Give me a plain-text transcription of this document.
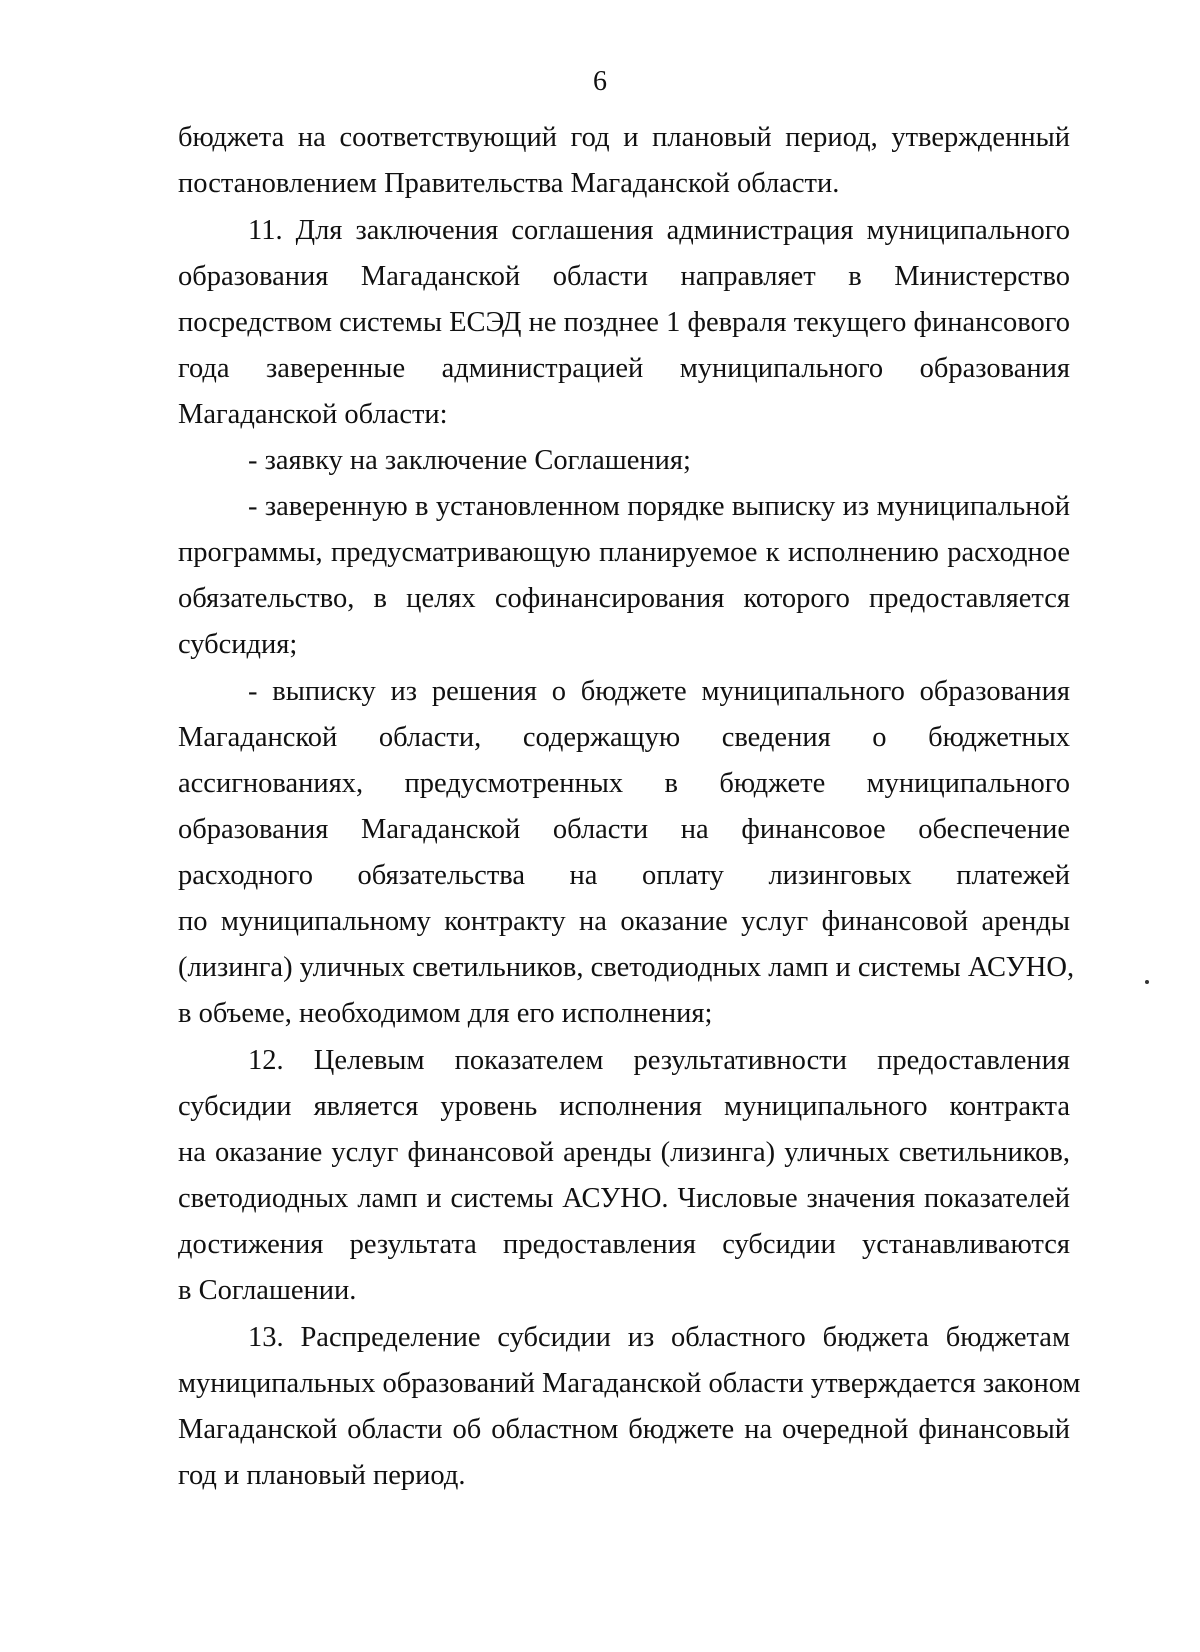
6
бюджета на соответствующий год и плановый период, утвержденный
постановлением Правительства Магаданской области.
11. Для заключения соглашения администрация муниципального
образования Магаданской области направляет в Министерство
посредством системы ЕСЭД не позднее 1 февраля текущего финансового
года заверенные администрацией муниципального образования
Магаданской области:
- заявку на заключение Соглашения;
- заверенную в установленном порядке выписку из муниципальной
программы, предусматривающую планируемое к исполнению расходное
обязательство, в целях софинансирования которого предоставляется
субсидия;
- выписку из решения о бюджете муниципального образования
Магаданской области, содержащую сведения о бюджетных
ассигнованиях, предусмотренных в бюджете муниципального
образования Магаданской области на финансовое обеспечение
расходного обязательства на оплату лизинговых платежей
по муниципальному контракту на оказание услуг финансовой аренды
(лизинга) уличных светильников, светодиодных ламп и системы АСУНО,
в объеме, необходимом для его исполнения;
12. Целевым показателем результативности предоставления
субсидии является уровень исполнения муниципального контракта
на оказание услуг финансовой аренды (лизинга) уличных светильников,
светодиодных ламп и системы АСУНО. Числовые значения показателей
достижения результата предоставления субсидии устанавливаются
в Соглашении.
13. Распределение субсидии из областного бюджета бюджетам
муниципальных образований Магаданской области утверждается законом
Магаданской области об областном бюджете на очередной финансовый
год и плановый период.
